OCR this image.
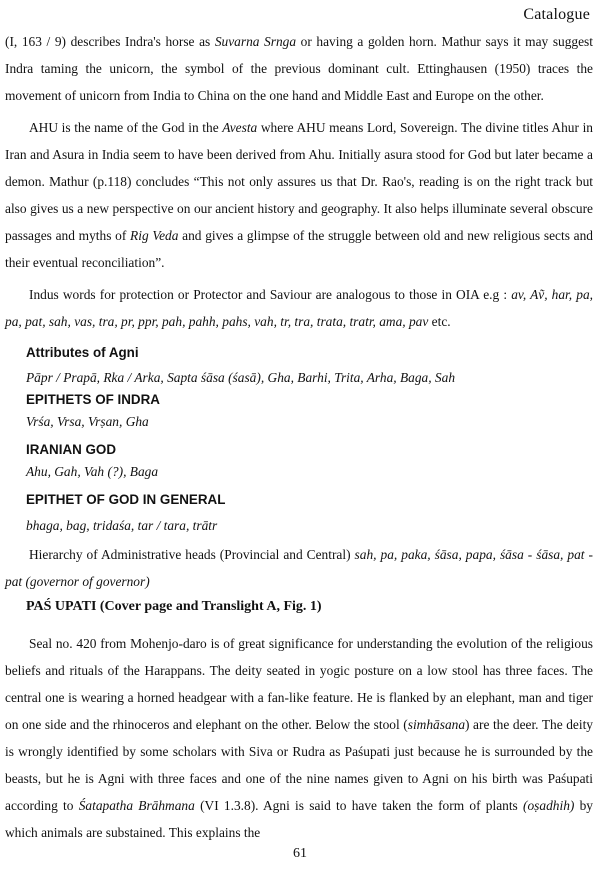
Catalogue

(I, 163 / 9) describes Indra's horse as Suvarna Srnga or having a golden horn. Mathur says it may suggest Indra taming the unicorn, the symbol of the previous dominant cult. Ettinghausen (1950) traces the movement of unicorn from India to China on the one hand and Middle East and Europe on the other.

AHU is the name of the God in the Avesta where AHU means Lord, Sovereign. The divine titles Ahur in Iran and Asura in India seem to have been derived from Ahu. Initially asura stood for God but later became a demon. Mathur (p.118) concludes “This not only assures us that Dr. Rao's, reading is on the right track but also gives us a new perspective on our ancient history and geography. It also helps illuminate several obscure passages and myths of Rig Veda and gives a glimpse of the struggle between old and new religious sects and their eventual reconciliation”.

Indus words for protection or Protector and Saviour are analogous to those in OIA e.g : av, Aṽ, har, pa, pa, pat, sah, vas, tra, pr, ppr, pah, pahh, pahs, vah, tr, tra, trata, tratr, ama, pav etc.

Attributes of Agni
Pāpr / Prapā, Rka / Arka, Sapta śāsa (śasā), Gha, Barhi, Trita, Arha, Baga, Sah
EPITHETS OF INDRA
Vrśa, Vrsa, Vrṣan, Gha
IRANIAN GOD
Ahu, Gah, Vah (?), Baga
EPITHET OF GOD IN GENERAL
bhaga, bag, tridaśa, tar / tara, trātr

Hierarchy of Administrative heads (Provincial and Central) sah, pa, paka, śāsa, papa, śāsa - śāsa, pat - pat (governor of governor)

PAŚ UPATI (Cover page and Translight A, Fig. 1)

Seal no. 420 from Mohenjo-daro is of great significance for understanding the evolution of the religious beliefs and rituals of the Harappans. The deity seated in yogic posture on a low stool has three faces. The central one is wearing a horned headgear with a fan-like feature. He is flanked by an elephant, man and tiger on one side and the rhinoceros and elephant on the other. Below the stool (simhāsana) are the deer. The deity is wrongly identified by some scholars with Siva or Rudra as Paśupati just because he is surrounded by the beasts, but he is Agni with three faces and one of the nine names given to Agni on his birth was Paśupati according to Śatapatha Brāhmana (VI 1.3.8). Agni is said to have taken the form of plants (oṣadhih) by which animals are substained. This explains the

61
